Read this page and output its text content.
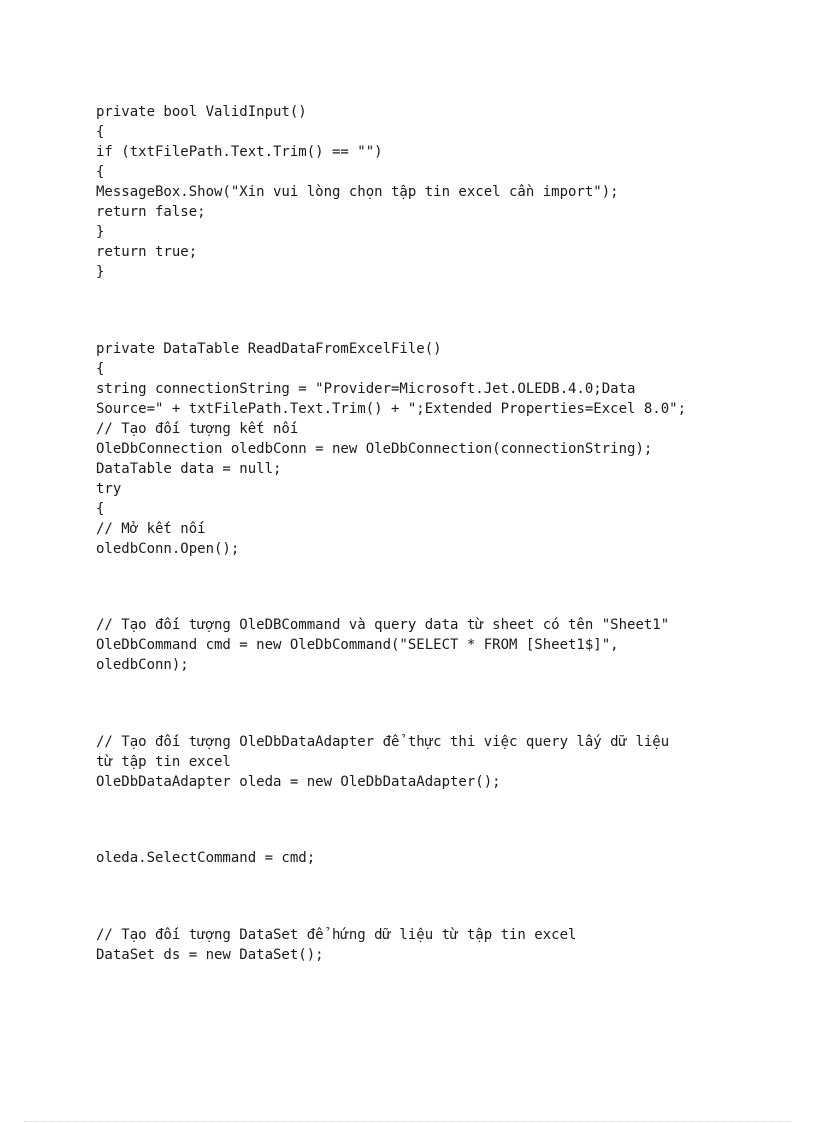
private bool ValidInput()
{
if (txtFilePath.Text.Trim() == "")
{
MessageBox.Show("Xin vui lòng chọn tập tin excel cần import");
return false;
}
return true;
}
private DataTable ReadDataFromExcelFile()
{
string connectionString = "Provider=Microsoft.Jet.OLEDB.4.0;Data
Source=" + txtFilePath.Text.Trim() + ";Extended Properties=Excel 8.0";
// Tạo đối tượng kết nối
OleDbConnection oledbConn = new OleDbConnection(connectionString);
DataTable data = null;
try
{
// Mở kết nối
oledbConn.Open();
// Tạo đối tượng OleDBCommand và query data từ sheet có tên "Sheet1"
OleDbCommand cmd = new OleDbCommand("SELECT * FROM [Sheet1$]",
oledbConn);
// Tạo đối tượng OleDbDataAdapter để thực thi việc query lấy dữ liệu
từ tập tin excel
OleDbDataAdapter oleda = new OleDbDataAdapter();
oleda.SelectCommand = cmd;
// Tạo đối tượng DataSet để hứng dữ liệu từ tập tin excel
DataSet ds = new DataSet();
